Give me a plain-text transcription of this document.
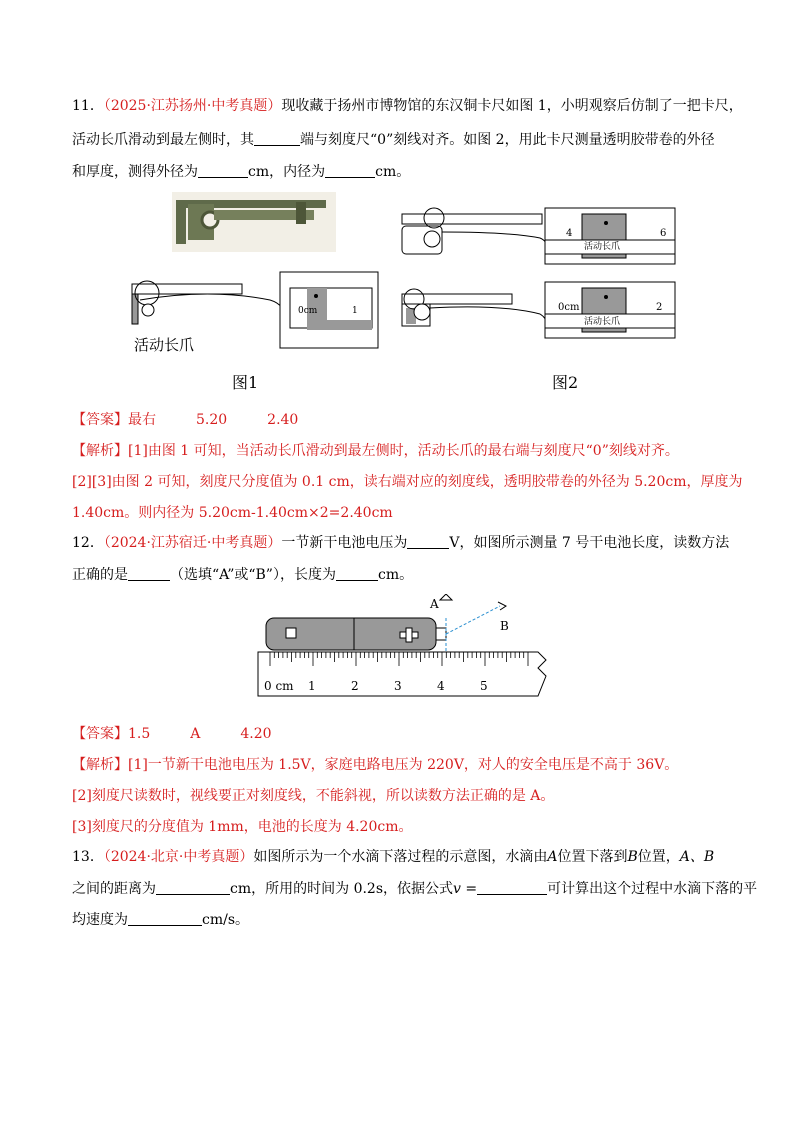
11．（2025·江苏扬州·中考真题）现收藏于扬州市博物馆的东汉铜卡尺如图 1，小明观察后仿制了一把卡尺，
活动长爪滑动到最左侧时，其	端与刻度尺“0”刻线对齐。如图 2，用此卡尺测量透明胶带卷的外径
和厚度，测得外径为	cm，内径为	cm。
0cm	1
活动长爪
图1
4	6
活动长爪
0cm	2
活动长爪
图2
【答案】最右	5.20	2.40
【解析】[1]由图 1 可知，当活动长爪滑动到最左侧时，活动长爪的最右端与刻度尺“0”刻线对齐。
[2][3]由图 2 可知，刻度尺分度值为 0.1 cm，读右端对应的刻度线，透明胶带卷的外径为 5.20cm，厚度为
1.40cm。则内径为 5.20cm-1.40cm×2=2.40cm
12．（2024·江苏宿迁·中考真题）一节新干电池电压为	V，如图所示测量 7 号干电池长度，读数方法
正确的是	（选填“A”或“B”），长度为	cm。
A
B
0 cm 1	2	3	4	5
【答案】1.5	A	4.20
【解析】[1]一节新干电池电压为 1.5V，家庭电路电压为 220V，对人的安全电压是不高于 36V。
[2]刻度尺读数时，视线要正对刻度线，不能斜视，所以读数方法正确的是 A。
[3]刻度尺的分度值为 1mm，电池的长度为 4.20cm。
13．（2024·北京·中考真题）如图所示为一个水滴下落过程的示意图，水滴由A位置下落到B位置，A、B
之间的距离为	cm，所用的时间为 0.2s，依据公式v =	可计算出这个过程中水滴下落的平
均速度为	cm/s。
